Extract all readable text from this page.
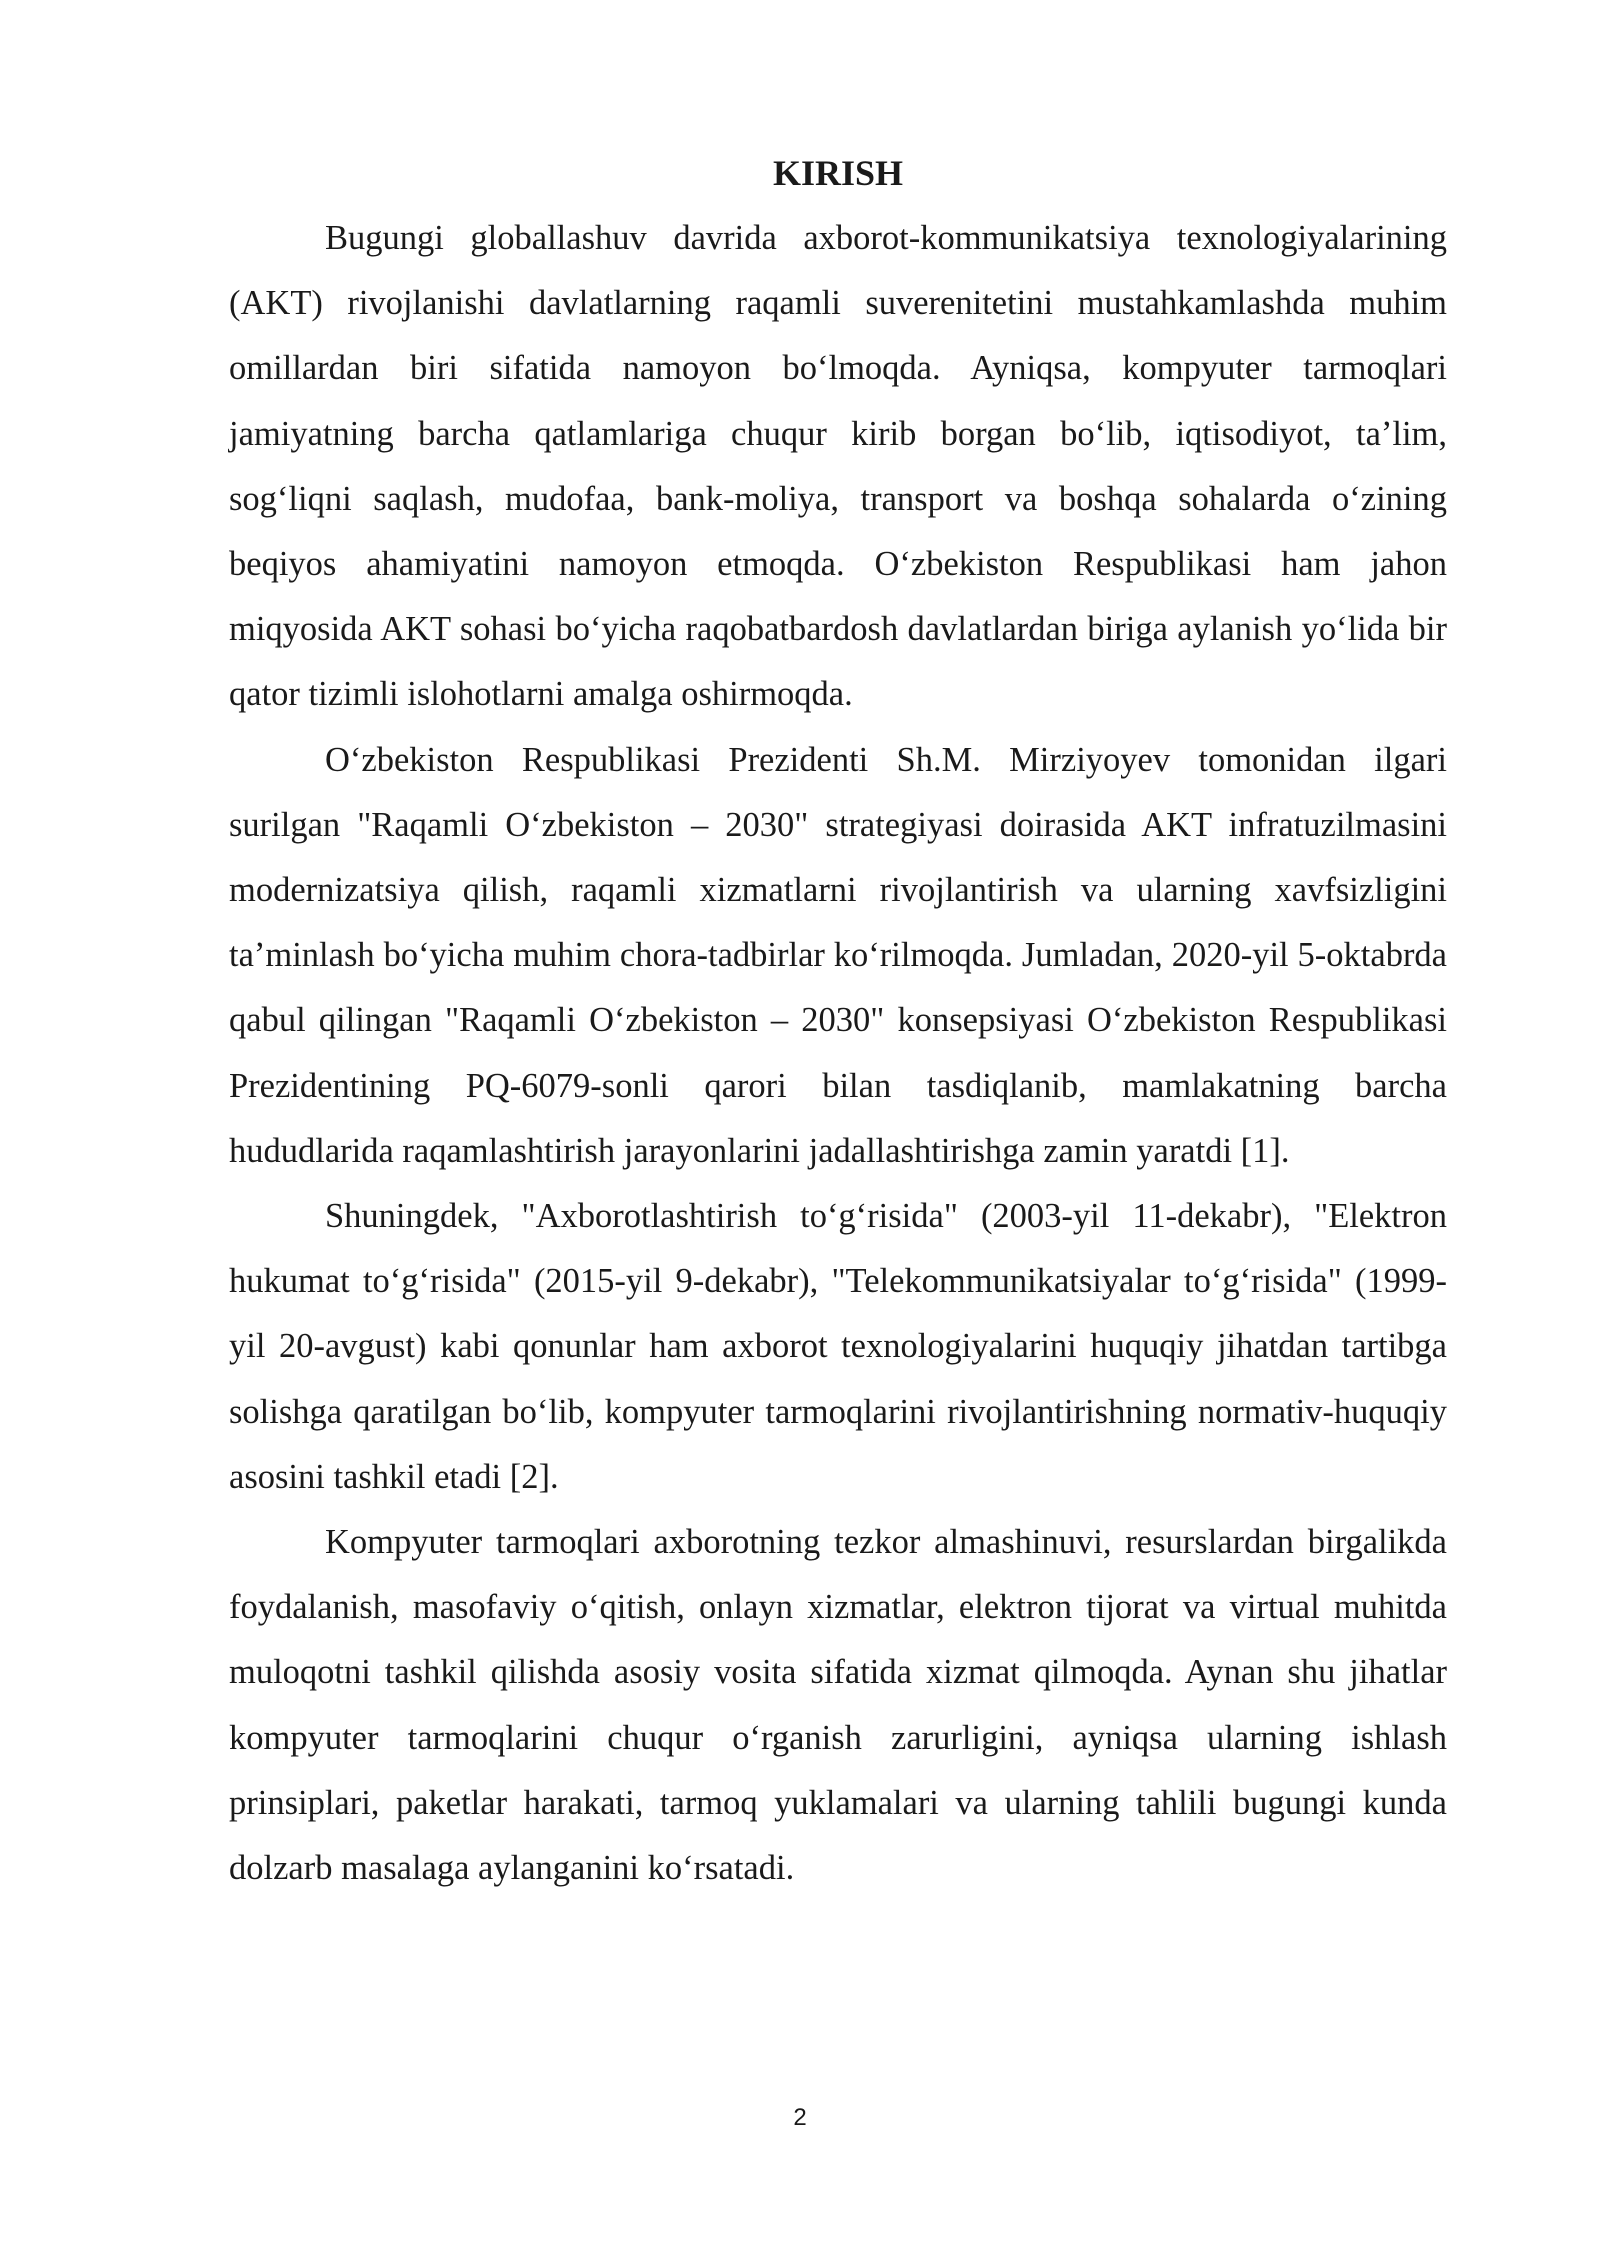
KIRISH

Bugungi globallashuv davrida axborot-kommunikatsiya texnologiyalarining (AKT) rivojlanishi davlatlarning raqamli suverenitetini mustahkamlashda muhim omillardan biri sifatida namoyon boʻlmoqda. Ayniqsa, kompyuter tarmoqlari jamiyatning barcha qatlamlariga chuqur kirib borgan boʻlib, iqtisodiyot, taʼlim, sogʻliqni saqlash, mudofaa, bank-moliya, transport va boshqa sohalarda oʻzining beqiyos ahamiyatini namoyon etmoqda. Oʻzbekiston Respublikasi ham jahon miqyosida AKT sohasi boʻyicha raqobatbardosh davlatlardan biriga aylanish yoʻlida bir qator tizimli islohotlarni amalga oshirmoqda.

Oʻzbekiston Respublikasi Prezidenti Sh.M. Mirziyoyev tomonidan ilgari surilgan "Raqamli Oʻzbekiston – 2030" strategiyasi doirasida AKT infratuzilmasini modernizatsiya qilish, raqamli xizmatlarni rivojlantirish va ularning xavfsizligini taʼminlash boʻyicha muhim chora-tadbirlar koʻrilmoqda. Jumladan, 2020-yil 5-oktabrda qabul qilingan "Raqamli Oʻzbekiston – 2030" konsepsiyasi Oʻzbekiston Respublikasi Prezidentining PQ-6079-sonli qarori bilan tasdiqlanib, mamlakatning barcha hududlarida raqamlashtirish jarayonlarini jadallashtirishga zamin yaratdi [1].

Shuningdek, "Axborotlashtirish toʻgʻrisida" (2003-yil 11-dekabr), "Elektron hukumat toʻgʻrisida" (2015-yil 9-dekabr), "Telekommunikatsiyalar toʻgʻrisida" (1999-yil 20-avgust) kabi qonunlar ham axborot texnologiyalarini huquqiy jihatdan tartibga solishga qaratilgan boʻlib, kompyuter tarmoqlarini rivojlantirishning normativ-huquqiy asosini tashkil etadi [2].

Kompyuter tarmoqlari axborotning tezkor almashinuvi, resurslardan birgalikda foydalanish, masofaviy oʻqitish, onlayn xizmatlar, elektron tijorat va virtual muhitda muloqotni tashkil qilishda asosiy vosita sifatida xizmat qilmoqda. Aynan shu jihatlar kompyuter tarmoqlarini chuqur oʻrganish zarurligini, ayniqsa ularning ishlash prinsiplari, paketlar harakati, tarmoq yuklamalari va ularning tahlili bugungi kunda dolzarb masalaga aylanganini koʻrsatadi.

2
